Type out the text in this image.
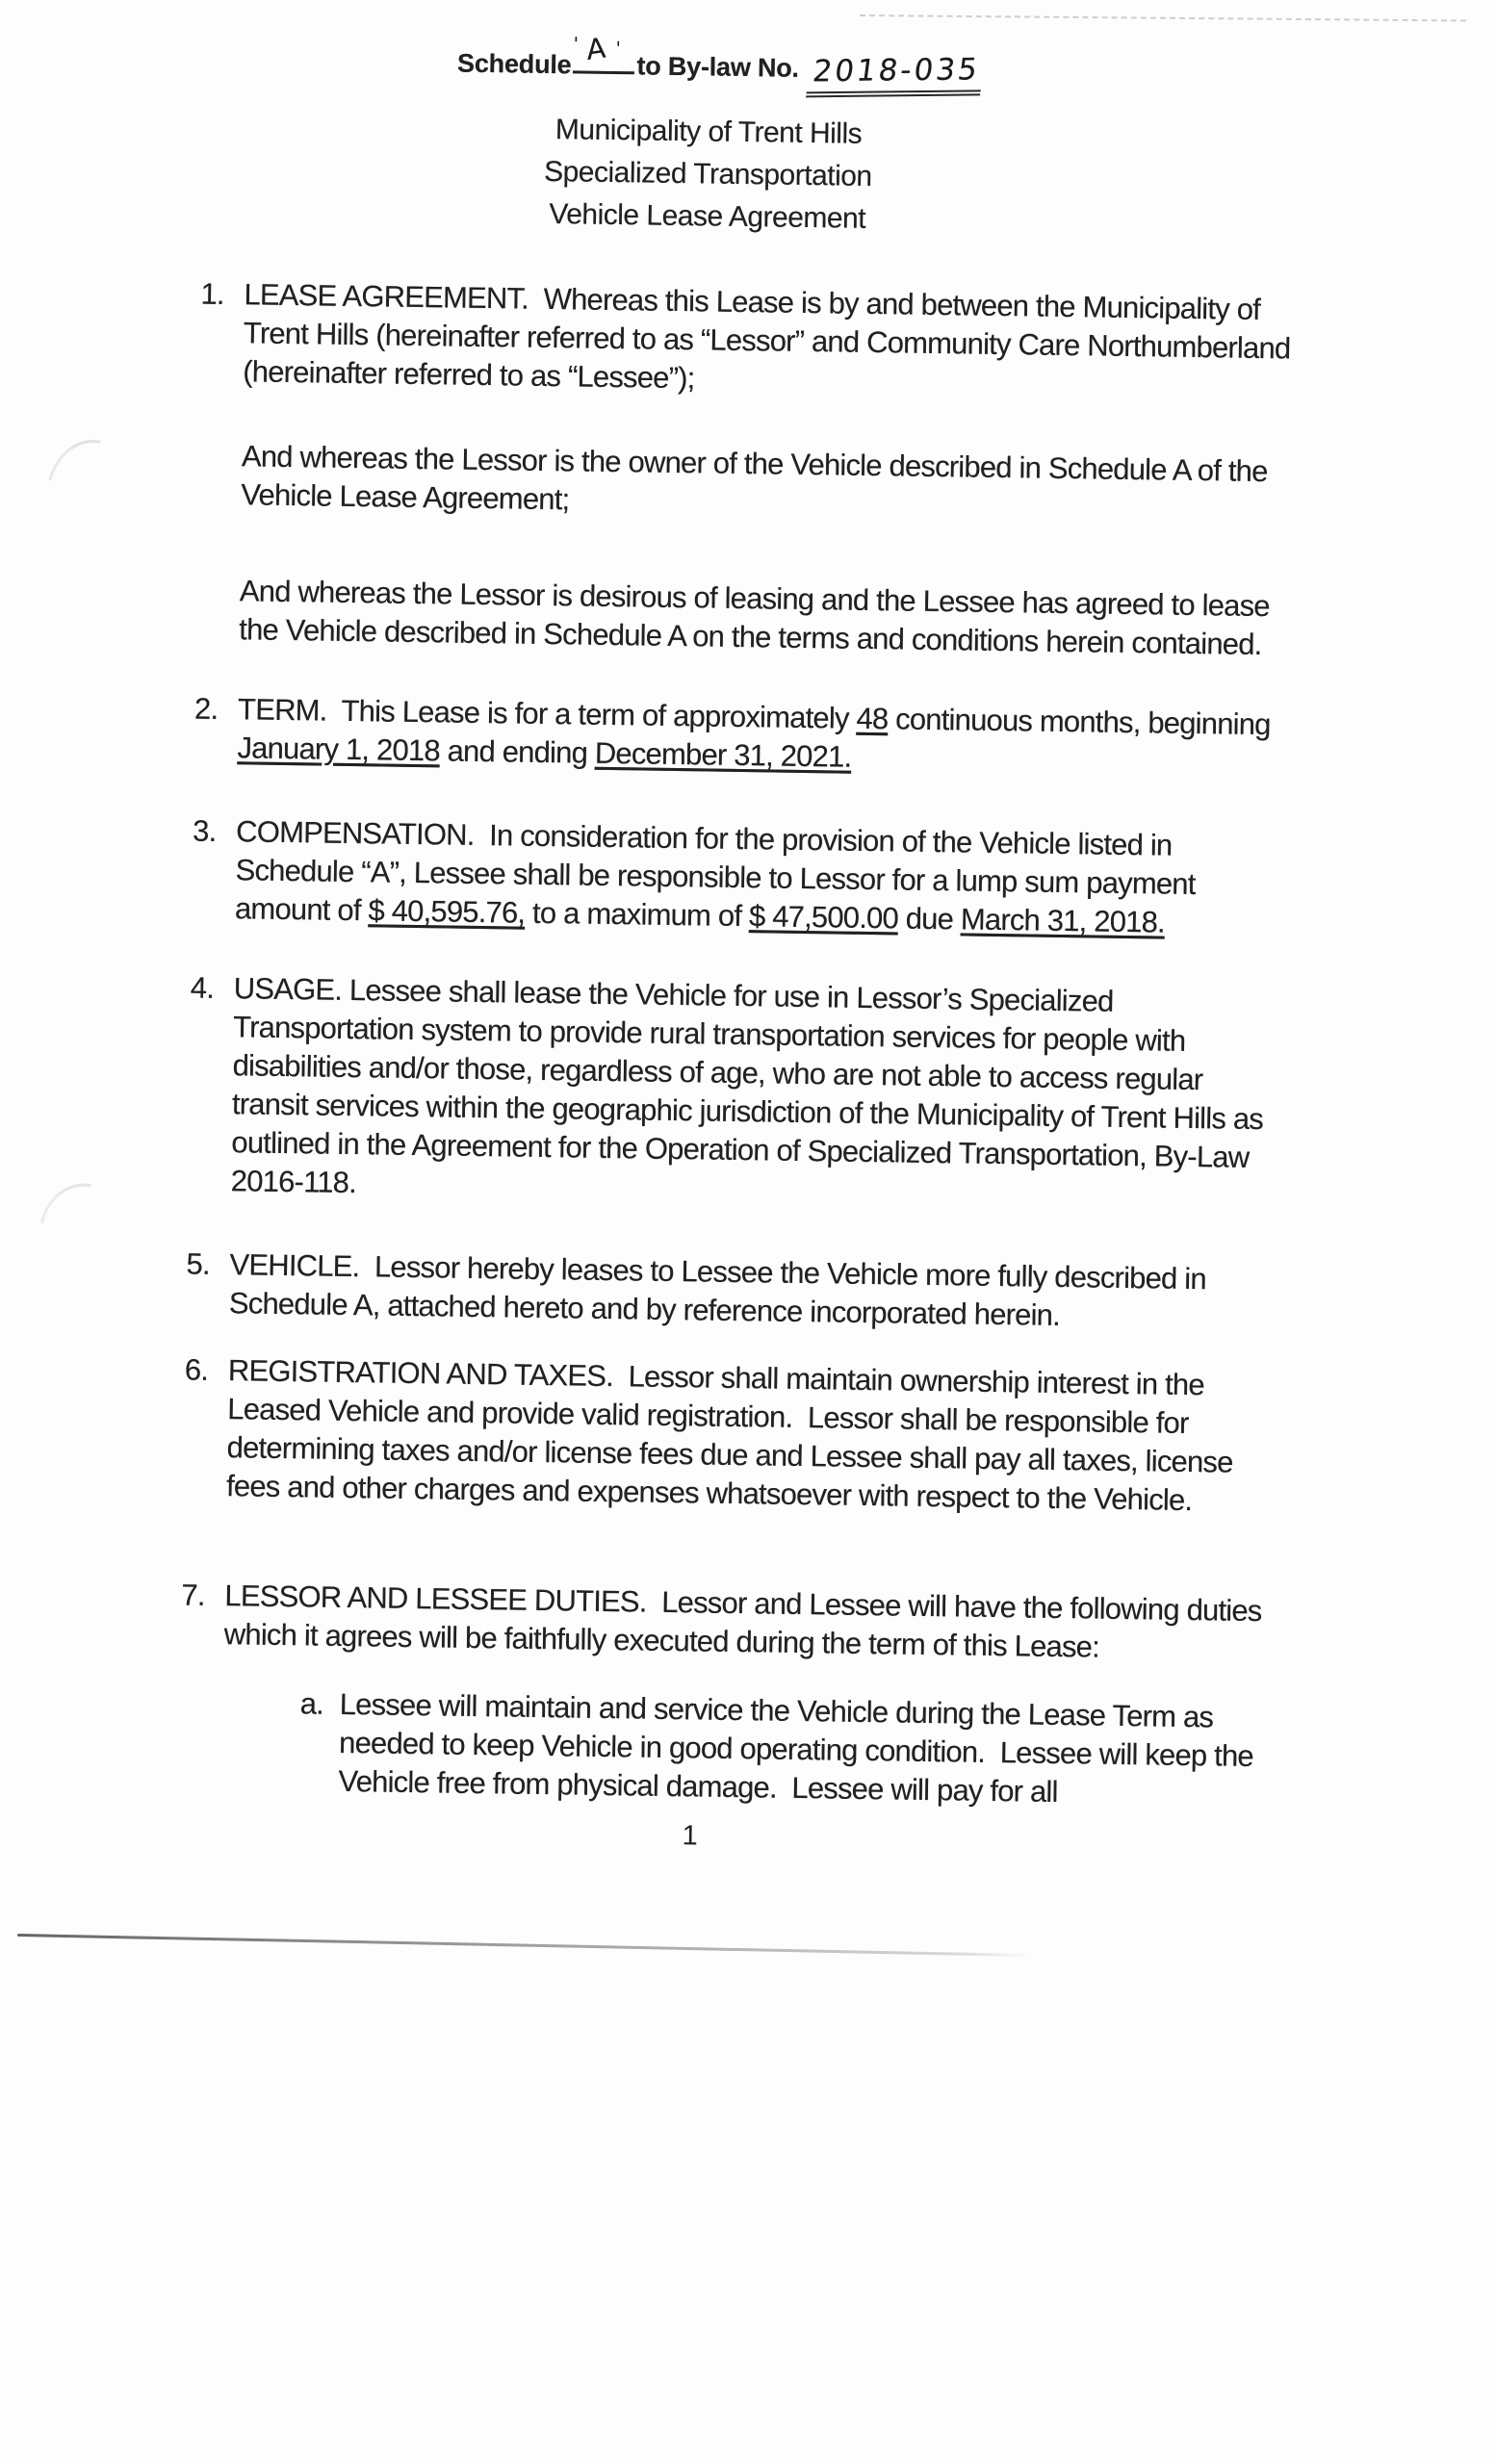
Schedule
' A '
to By-law No. 2018-035
Municipality of Trent Hills
Specialized Transportation
Vehicle Lease Agreement
1. LEASE AGREEMENT.  Whereas this Lease is by and between the Municipality of Trent Hills (hereinafter referred to as “Lessor” and Community Care Northumberland (hereinafter referred to as “Lessee”);
And whereas the Lessor is the owner of the Vehicle described in Schedule A of the Vehicle Lease Agreement;
And whereas the Lessor is desirous of leasing and the Lessee has agreed to lease the Vehicle described in Schedule A on the terms and conditions herein contained.
2. TERM.  This Lease is for a term of approximately 48 continuous months, beginning January 1, 2018 and ending December 31, 2021.
3. COMPENSATION.  In consideration for the provision of the Vehicle listed in Schedule “A”, Lessee shall be responsible to Lessor for a lump sum payment amount of $ 40,595.76, to a maximum of $ 47,500.00 due March 31, 2018.
4. USAGE. Lessee shall lease the Vehicle for use in Lessor’s Specialized Transportation system to provide rural transportation services for people with disabilities and/or those, regardless of age, who are not able to access regular transit services within the geographic jurisdiction of the Municipality of Trent Hills as outlined in the Agreement for the Operation of Specialized Transportation, By-Law 2016-118.
5. VEHICLE.  Lessor hereby leases to Lessee the Vehicle more fully described in Schedule A, attached hereto and by reference incorporated herein.
6. REGISTRATION AND TAXES.  Lessor shall maintain ownership interest in the Leased Vehicle and provide valid registration.  Lessor shall be responsible for determining taxes and/or license fees due and Lessee shall pay all taxes, license fees and other charges and expenses whatsoever with respect to the Vehicle.
7. LESSOR AND LESSEE DUTIES.  Lessor and Lessee will have the following duties which it agrees will be faithfully executed during the term of this Lease:
a. Lessee will maintain and service the Vehicle during the Lease Term as needed to keep Vehicle in good operating condition.  Lessee will keep the Vehicle free from physical damage.  Lessee will pay for all
1
